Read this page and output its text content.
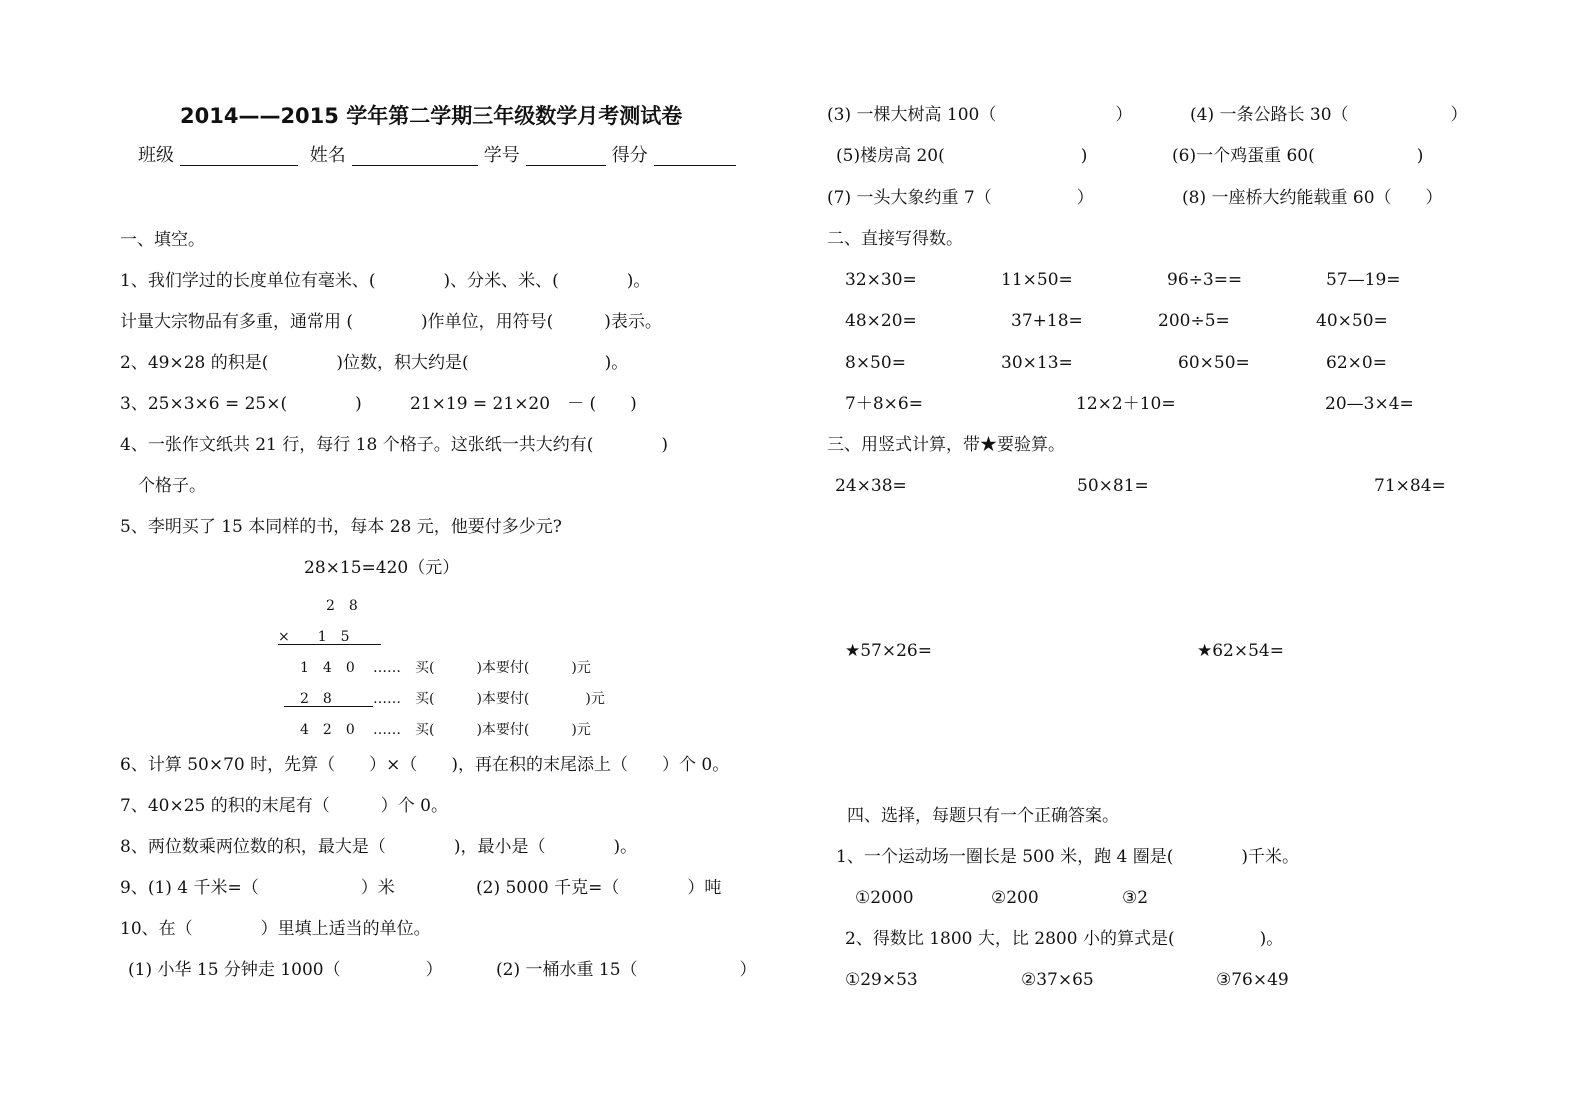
2014——2015 学年第二学期三年级数学月考测试卷
班级	姓名	学号	得分
一、填空。
1、我们学过的长度单位有毫米、(　　　　)、分米、米、(　　　　)。
计量大宗物品有多重，通常用 (　　　　)作单位，用符号(　　　)表示。
2、49×28 的积是(　　　　)位数，积大约是(　　　　　　　　)。
3、25×3×6 = 25×(　　　　)	21×19 = 21×20　－ (　　)
4、一张作文纸共 21 行，每行 18 个格子。这张纸一共大约有(　　　　)
个格子。
5、李明买了 15 本同样的书，每本 28 元，他要付多少元?
28×15=420（元）
2　8
×　　1　5
1　4　0 ……　买(　　　)本要付(　　　)元
2　8	……　买(　　　)本要付(　　　　)元
4　2　0 ……　买(　　　)本要付(　　　)元
6、计算 50×70 时，先算（　　）×（　　)，再在积的末尾添上（　　）个 0。
7、40×25 的积的末尾有（　　　）个 0。
8、两位数乘两位数的积，最大是（　　　　)，最小是（　　　　)。
9、(1) 4 千米=（　　　　　　）米	(2) 5000 千克=（　　　　）吨
10、在（　　　　）里填上适当的单位。
(1) 小华 15 分钟走 1000（　　　　　）	(2) 一桶水重 15（　　　　　　）
(3) 一棵大树高 100（　　　　　　　）	(4) 一条公路长 30（　　　　　　）
(5)楼房高 20(　　　　　　　　)	(6)一个鸡蛋重 60(　　　　　　)
(7) 一头大象约重 7（　　　　　）	(8) 一座桥大约能载重 60（　　）
二、直接写得数。
32×30=	11×50=	96÷3==	57—19=
48×20=	37+18=	200÷5=	40×50=
8×50=	30×13=	60×50=	62×0=
7＋8×6=	12×2＋10=	20—3×4=
三、用竖式计算，带★要验算。
24×38=	50×81=	71×84=
★57×26=	★62×54=
四、选择，每题只有一个正确答案。
1、一个运动场一圈长是 500 米，跑 4 圈是(　　　　)千米。
①2000	②200	③2
2、得数比 1800 大，比 2800 小的算式是(　　　　　)。
①29×53	②37×65	③76×49
